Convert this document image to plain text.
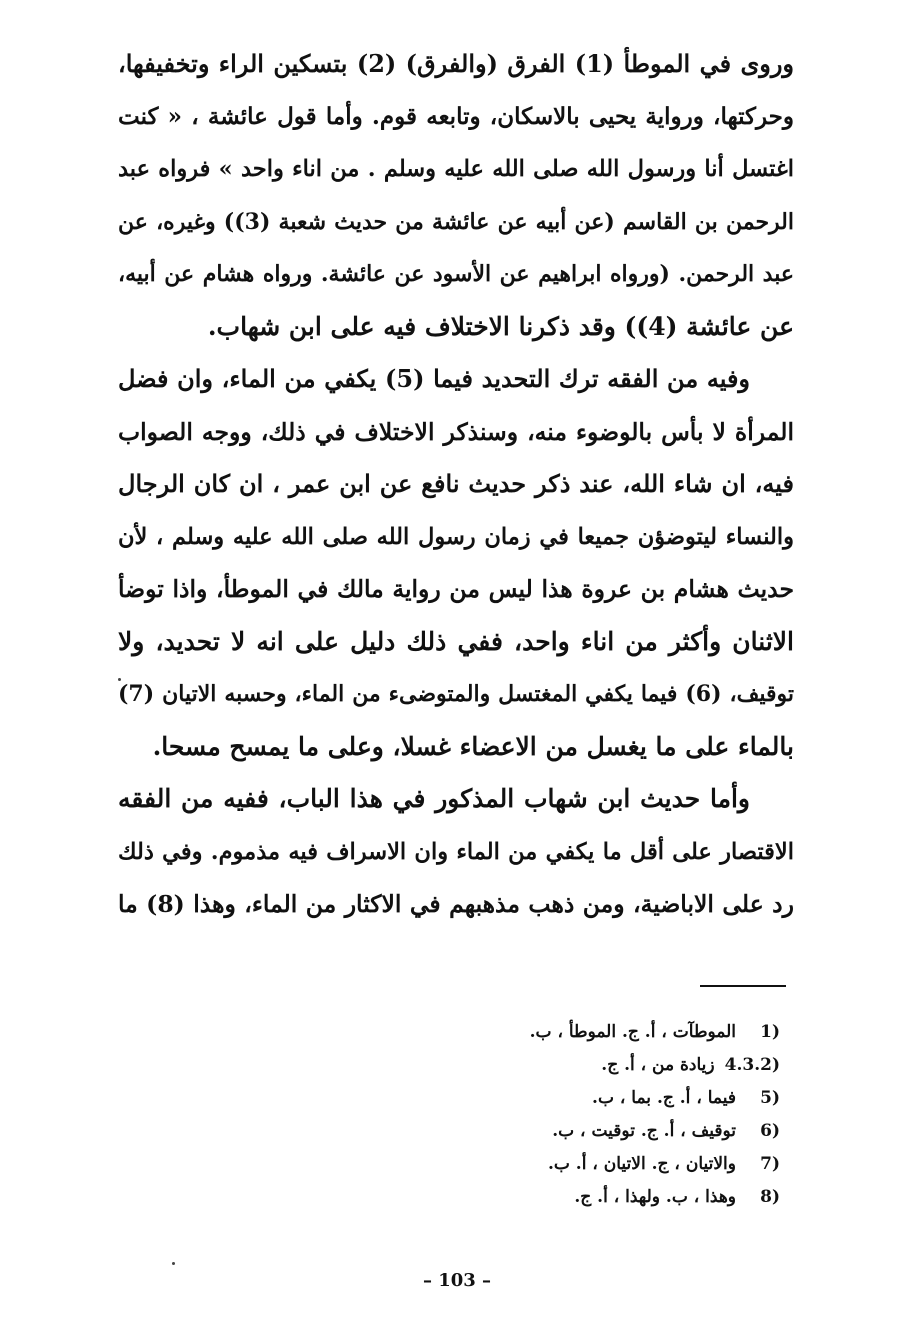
وروى في الموطأ (1) الفرق (والفرق) (2) بتسكين الراء وتخفيفها،
وحركتها، ورواية يحيى بالاسكان، وتابعه قوم. وأما قول عائشة ، « كنت
اغتسل أنا ورسول الله صلى الله عليه وسلم . من اناء واحد » فرواه عبد
الرحمن بن القاسم (عن أبيه عن عائشة من حديث شعبة (3)) وغيره، عن
عبد الرحمن. (ورواه ابراهيم عن الأسود عن عائشة. ورواه هشام عن أبيه،
عن عائشة (4)) وقد ذكرنا الاختلاف فيه على ابن شهاب.
وفيه من الفقه ترك التحديد فيما (5) يكفي من الماء، وان فضل
المرأة لا بأس بالوضوء منه، وسنذكر الاختلاف في ذلك، ووجه الصواب
فيه، ان شاء الله، عند ذكر حديث نافع عن ابن عمر ، ان كان الرجال
والنساء ليتوضؤن جميعا في زمان رسول الله صلى الله عليه وسلم ، لأن
حديث هشام بن عروة هذا ليس من رواية مالك في الموطأ، واذا توضأ
الاثنان وأكثر من اناء واحد، ففي ذلك دليل على انه لا تحديد، ولا
توقيف، (6) فيما يكفي المغتسل والمتوضىء من الماء، وحسبه الاتيان (7)
بالماء على ما يغسل من الاعضاء غسلا، وعلى ما يمسح مسحا.
وأما حديث ابن شهاب المذكور في هذا الباب، ففيه من الفقه
الاقتصار على أقل ما يكفي من الماء وان الاسراف فيه مذموم. وفي ذلك
رد على الاباضية، ومن ذهب مذهبهم في الاكثار من الماء، وهذا (8) ما
1)الموطآت ، أ. ج. الموطأ ، ب.
4.3.2)زيادة من ، أ. ج.
5)فيما ، أ. ج. بما ، ب.
6)توقيف ، أ. ج. توقيت ، ب.
7)والاتيان ، ج. الاتيان ، أ. ب.
8)وهذا ، ب. ولهذا ، أ. ج.
– 103 –
